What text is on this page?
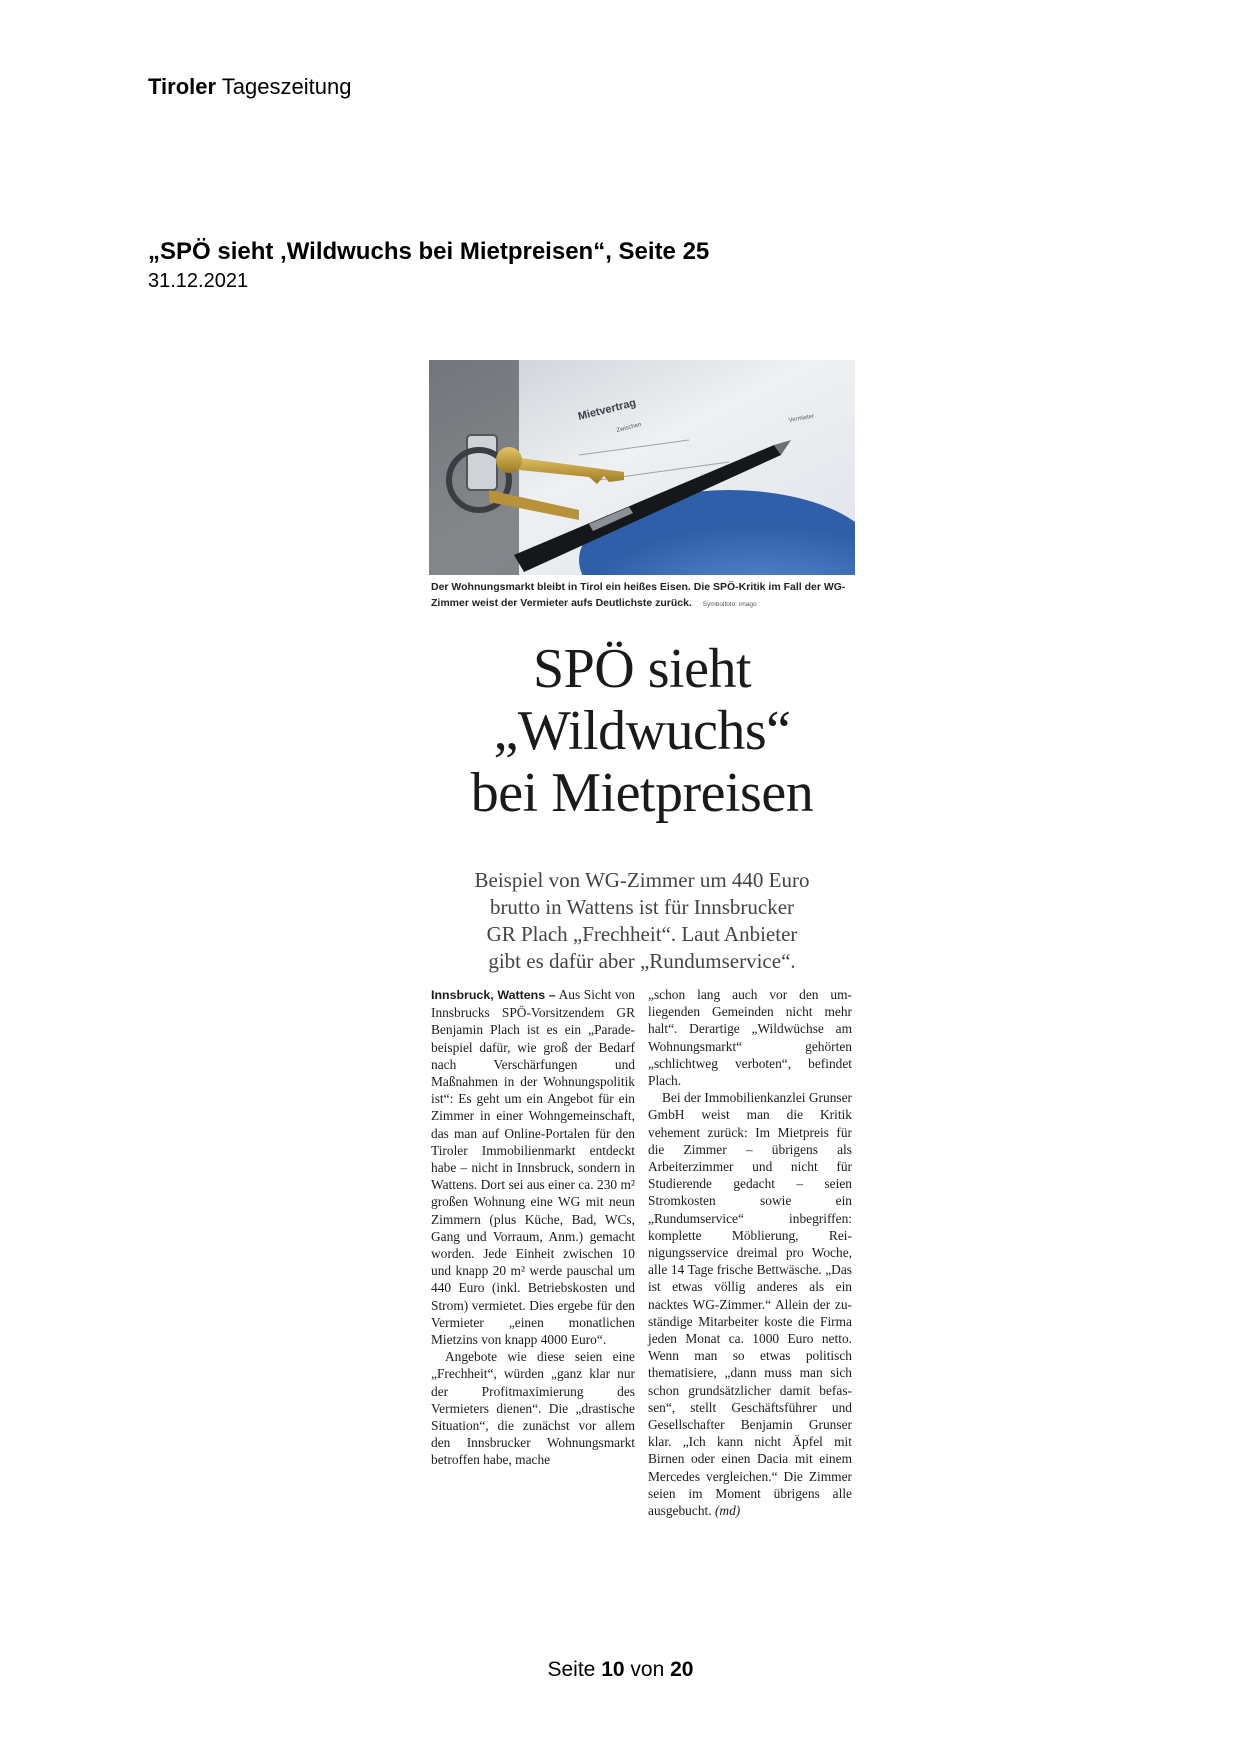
Tiroler Tageszeitung
„SPÖ sieht ‚Wildwuchs bei Mietpreisen“, Seite 25
31.12.2021
Mietvertrag
Zwischen
Vermieter
Der Wohnungsmarkt bleibt in Tirol ein heißes Eisen. Die SPÖ-Kritik im Fall der WG-Zimmer weist der Vermieter aufs Deutlichste zurück. Symbolfoto: imago
SPÖ sieht
„Wildwuchs“
bei Mietpreisen
Beispiel von WG-Zimmer um 440 Euro
brutto in Wattens ist für Innsbrucker
GR Plach „Frechheit“. Laut Anbieter
gibt es dafür aber „Rundumservice“.

Innsbruck, Wattens – Aus Sicht von Innsbrucks SPÖ-Vorsitzendem GR Benjamin Plach ist es ein „Paradebeispiel dafür, wie groß der Bedarf nach Verschärfungen und Maßnahmen in der Wohnungspolitik ist“: Es geht um ein Angebot für ein Zimmer in einer Wohngemeinschaft, das man auf Online-Portalen für den Tiroler Immobilienmarkt entdeckt habe – nicht in Innsbruck, sondern in Wattens. Dort sei aus einer ca. 230 m² großen Wohnung eine WG mit neun Zimmern (plus Küche, Bad, WCs, Gang und Vorraum, Anm.) gemacht worden. Jede Einheit zwischen 10 und knapp 20 m² werde pauschal um 440 Euro (inkl. Betriebskosten und Strom) vermietet. Dies ergebe für den Vermieter „einen monatlichen Mietzins von knapp 4000 Euro“.

Angebote wie diese seien eine „Frechheit“, würden „ganz klar nur der Profitmaximierung des Vermieters dienen“. Die „drastische Situation“, die zunächst vor allem den Innsbrucker Wohnungsmarkt betroffen habe, mache

„schon lang auch vor den umliegenden Gemeinden nicht mehr halt“. Derartige „Wildwüchse am Wohnungsmarkt“ gehörten „schlichtweg verboten“, befindet Plach.

Bei der Immobilienkanzlei Grunser GmbH weist man die Kritik vehement zurück: Im Mietpreis für die Zimmer – übrigens als Arbeiterzimmer und nicht für Studierende gedacht – seien Stromkosten sowie ein „Rundumservice“ inbegriffen: komplette Möblierung, Reinigungsservice dreimal pro Woche, alle 14 Tage frische Bettwäsche. „Das ist etwas völlig anderes als ein nacktes WG-Zimmer.“ Allein der zuständige Mitarbeiter koste die Firma jeden Monat ca. 1000 Euro netto. Wenn man so etwas politisch thematisiere, „dann muss man sich schon grundsätzlicher damit befassen“, stellt Geschäftsführer und Gesellschafter Benjamin Grunser klar. „Ich kann nicht Äpfel mit Birnen oder einen Dacia mit einem Mercedes vergleichen.“ Die Zimmer seien im Moment übrigens alle ausgebucht. (md)

Seite 10 von 20
